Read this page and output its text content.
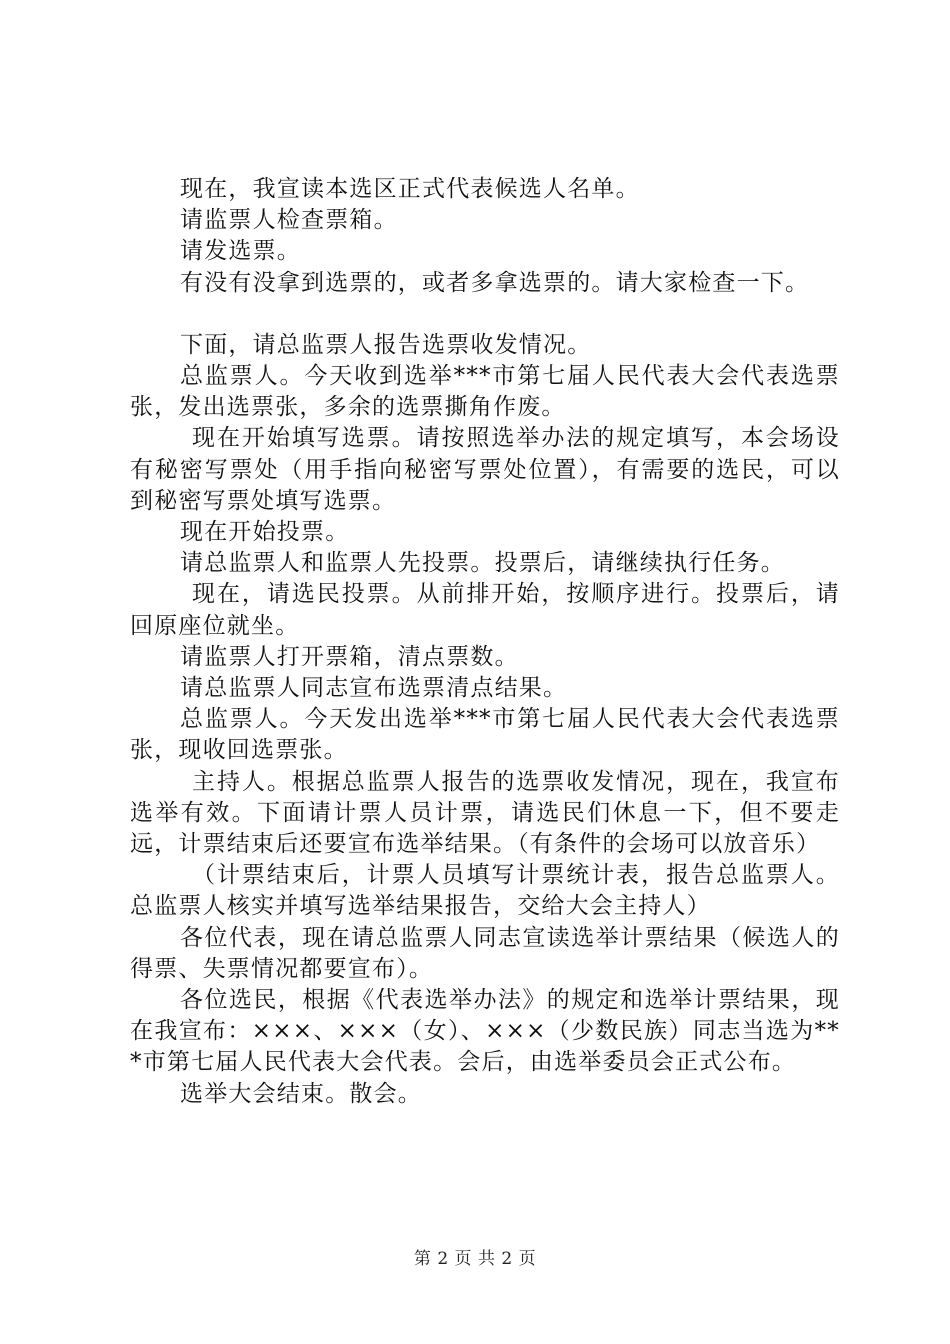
现在，我宣读本选区正式代表候选人名单。

请监票人检查票箱。

请发选票。

有没有没拿到选票的，或者多拿选票的。请大家检查一下。

下面，请总监票人报告选票收发情况。

总监票人。今天收到选举***市第七届人民代表大会代表选票张，发出选票张，多余的选票撕角作废。

现在开始填写选票。请按照选举办法的规定填写，本会场设有秘密写票处（用手指向秘密写票处位置），有需要的选民，可以到秘密写票处填写选票。

现在开始投票。

请总监票人和监票人先投票。投票后，请继续执行任务。

现在，请选民投票。从前排开始，按顺序进行。投票后，请回原座位就坐。

请监票人打开票箱，清点票数。

请总监票人同志宣布选票清点结果。

总监票人。今天发出选举***市第七届人民代表大会代表选票张，现收回选票张。

主持人。根据总监票人报告的选票收发情况，现在，我宣布选举有效。下面请计票人员计票，请选民们休息一下，但不要走远，计票结束后还要宣布选举结果。（有条件的会场可以放音乐）

（计票结束后，计票人员填写计票统计表，报告总监票人。总监票人核实并填写选举结果报告，交给大会主持人）

各位代表，现在请总监票人同志宣读选举计票结果（候选人的得票、失票情况都要宣布）。

各位选民，根据《代表选举办法》的规定和选举计票结果，现在我宣布：×××、×××（女）、×××（少数民族）同志当选为***市第七届人民代表大会代表。会后，由选举委员会正式公布。

选举大会结束。散会。

第 2 页 共 2 页
